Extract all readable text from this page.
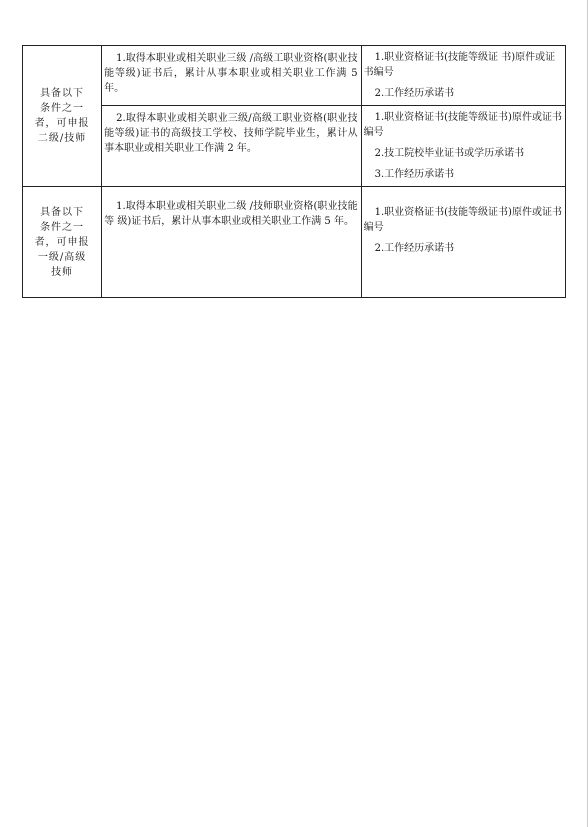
具备以下
条件之一
者，可申报
二级/技师	1.取得本职业或相关职业三级 /高级工职业资格(职业技能等级)证书后，累计从事本职业或相关职业工作满 5 年。	1.职业资格证书(技能等级证 书)原件或证书编号
2.工作经历承诺书

	2.取得本职业或相关职业三级/高级工职业资格(职业技能等级)证书的高级技工学校、技师学院毕业生，累计从事本职业或相关职业工作满 2 年。	1.职业资格证书(技能等级证书)原件或证书编号
2.技工院校毕业证书或学历承诺书
3.工作经历承诺书

具备以下
条件之一
者，可申报
一级/高级
技师	1.取得本职业或相关职业二级 /技师职业资格(职业技能等 级)证书后，累计从事本职业或相关职业工作满 5 年。	1.职业资格证书(技能等级证书)原件或证书编号
2.工作经历承诺书
